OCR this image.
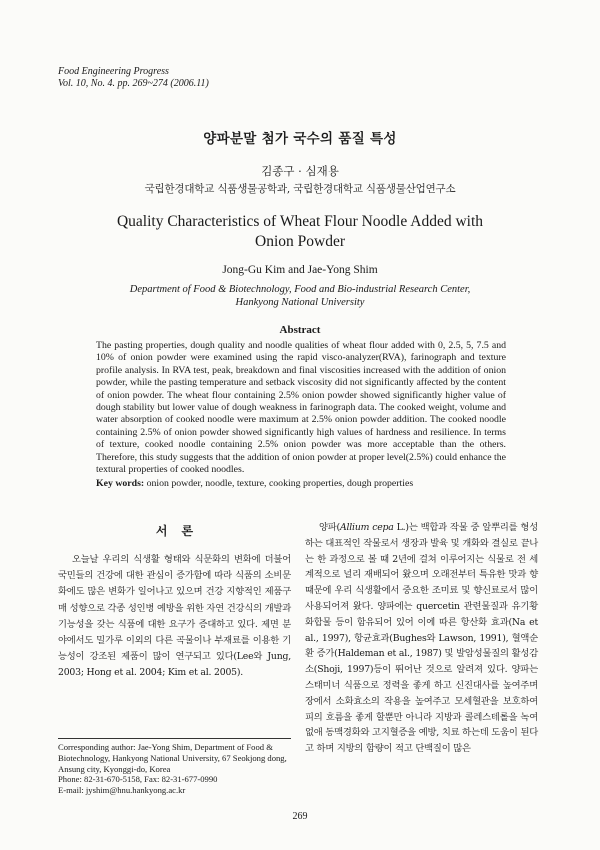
Food Engineering Progress
Vol. 10, No. 4. pp. 269~274 (2006.11)
양파분말 첨가 국수의 품질 특성
김종구 · 심재용
국립한경대학교 식품생물공학과, 국립한경대학교 식품생물산업연구소
Quality Characteristics of Wheat Flour Noodle Added with
Onion Powder
Jong-Gu Kim and Jae-Yong Shim
Department of Food & Biotechnology, Food and Bio-industrial Research Center,
Hankyong National University
Abstract
The pasting properties, dough quality and noodle qualities of wheat flour added with 0, 2.5, 5, 7.5 and 10% of onion powder were examined using the rapid visco-analyzer(RVA), farinograph and texture profile analysis. In RVA test, peak, breakdown and final viscosities increased with the addition of onion powder, while the pasting temperature and setback viscosity did not significantly affected by the content of onion powder. The wheat flour containing 2.5% onion powder showed significantly higher value of dough stability but lower value of dough weakness in farinograph data. The cooked weight, volume and water absorption of cooked noodle were maximum at 2.5% onion powder addition. The cooked noodle containing 2.5% of onion powder showed significantly high values of hardness and resilience. In terms of texture, cooked noodle containing 2.5% onion powder was more acceptable than the others. Therefore, this study suggests that the addition of onion powder at proper level(2.5%) could enhance the textural properties of cooked noodles.
Key words: onion powder, noodle, texture, cooking properties, dough properties
서론

오늘날 우리의 식생활 형태와 식문화의 변화에 더불어 국민들의 건강에 대한 관심이 증가함에 따라 식품의 소비문화에도 많은 변화가 일어나고 있으며 건강 지향적인 제품구매 성향으로 각종 성인병 예방을 위한 자연 건강식의 개발과 기능성을 갖는 식품에 대한 요구가 증대하고 있다. 제면 분야에서도 밀가루 이외의 다른 곡물이나 부재료를 이용한 기능성이 강조된 제품이 많이 연구되고 있다(Lee와 Jung, 2003; Hong et al. 2004; Kim et al. 2005).

양파(Allium cepa L.)는 백합과 작물 중 알뿌리를 형성하는 대표적인 작물로서 생장과 발육 및 개화와 결실로 끝나는 한 과정으로 볼 때 2년에 걸쳐 이루어지는 식물로 전 세계적으로 널리 재배되어 왔으며 오래전부터 특유한 맛과 향 때문에 우리 식생활에서 중요한 조미료 및 향신료로서 많이 사용되어져 왔다. 양파에는 quercetin 관련물질과 유기황화합물 등이 함유되어 있어 이에 따른 항산화 효과(Na et al., 1997), 항균효과(Bughes와 Lawson, 1991), 혈액순환 증가(Haldeman et al., 1987) 및 발암성물질의 활성감소(Shoji, 1997)등이 뛰어난 것으로 알려져 있다. 양파는 스태미너 식품으로 정력을 좋게 하고 신진대사를 높여주며 장에서 소화효소의 작용을 높여주고 모세혈관을 보호하여 피의 흐름을 좋게 할뿐만 아니라 지방과 콜레스테롤을 녹여 없애 동맥경화와 고지혈증을 예방, 치료 하는데 도움이 된다고 하며 지방의 함량이 적고 단백질이 많은

Corresponding author: Jae-Yong Shim, Department of Food & Biotechnology, Hankyong National University, 67 Seokjong dong, Ansung city, Kyonggi-do, Korea
Phone: 82-31-670-5158, Fax: 82-31-677-0990
E-mail: jyshim@hnu.hankyong.ac.kr
269
